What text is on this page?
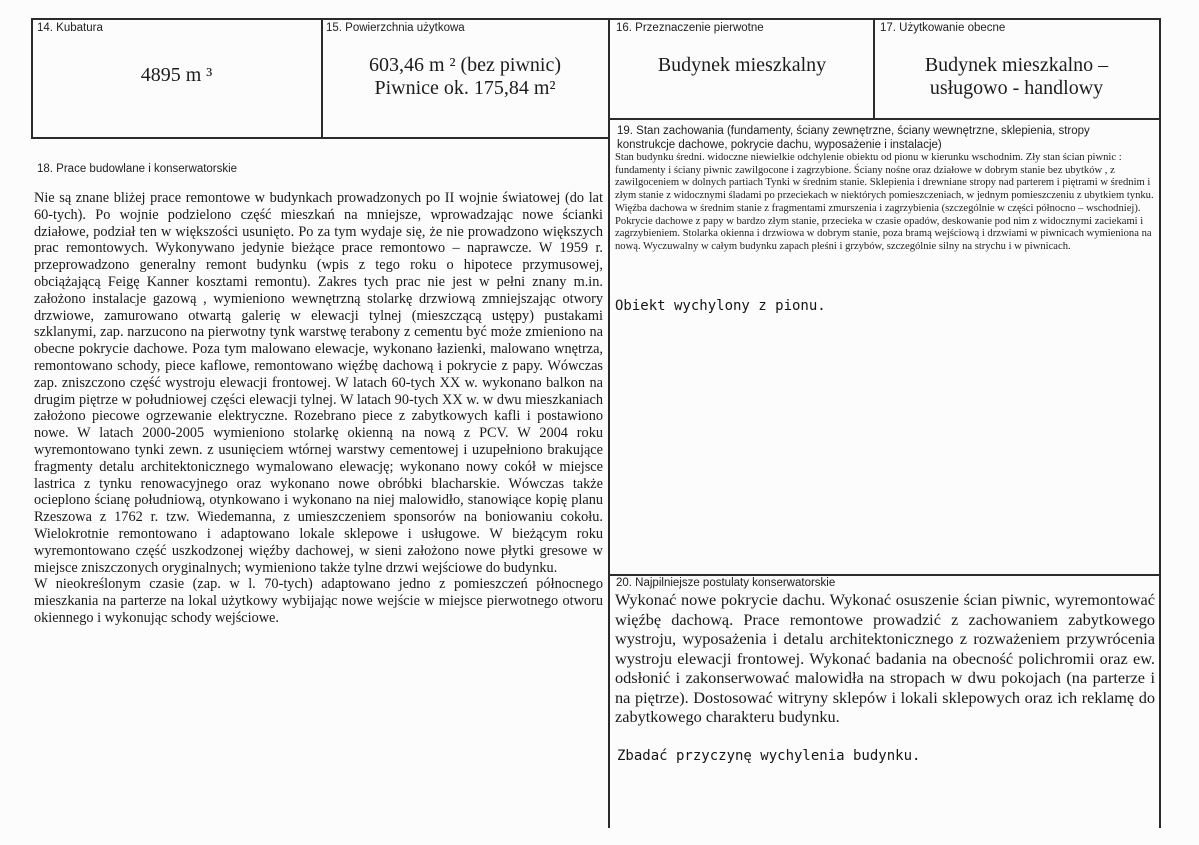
14. Kubatura
4895 m ³
15. Powierzchnia użytkowa
603,46 m ² (bez piwnic)
Piwnice ok. 175,84 m²
16. Przeznaczenie pierwotne
Budynek mieszkalny
17. Użytkowanie obecne
Budynek mieszkalno –
usługowo - handlowy
18. Prace budowlane i konserwatorskie

Nie są znane bliżej prace remontowe w budynkach prowadzonych po II wojnie światowej (do lat 60-tych). Po wojnie podzielono część mieszkań na mniejsze, wprowadzając nowe ścianki działowe, podział ten w większości usunięto. Po za tym wydaje się, że nie prowadzono większych prac remontowych. Wykonywano jedynie bieżące prace remontowo – naprawcze. W 1959 r. przeprowadzono generalny remont budynku (wpis z tego roku o hipotece przymusowej, obciążającą Feigę Kanner kosztami remontu). Zakres tych prac nie jest w pełni znany m.in. założono instalacje gazową , wymieniono wewnętrzną stolarkę drzwiową zmniejszając otwory drzwiowe, zamurowano otwartą galerię w elewacji tylnej (mieszczącą ustępy) pustakami szklanymi, zap. narzucono na pierwotny tynk warstwę terabony z cementu być może zmieniono na obecne pokrycie dachowe. Poza tym malowano elewacje, wykonano łazienki, malowano wnętrza, remontowano schody, piece kaflowe, remontowano więźbę dachową i pokrycie z papy. Wówczas zap. zniszczono część wystroju elewacji frontowej. W latach 60-tych XX w. wykonano balkon na drugim piętrze w południowej części elewacji tylnej. W latach 90-tych XX w. w dwu mieszkaniach założono piecowe ogrzewanie elektryczne. Rozebrano piece z zabytkowych kafli i postawiono nowe. W latach 2000-2005 wymieniono stolarkę okienną na nową z PCV. W 2004 roku wyremontowano tynki zewn. z usunięciem wtórnej warstwy cementowej i uzupełniono brakujące fragmenty detalu architektonicznego wymalowano elewację; wykonano nowy cokół w miejsce lastrica z tynku renowacyjnego oraz wykonano nowe obróbki blacharskie. Wówczas także ocieplono ścianę południową, otynkowano i wykonano na niej malowidło, stanowiące kopię planu Rzeszowa z 1762 r. tzw. Wiedemanna, z umieszczeniem sponsorów na boniowaniu cokołu. Wielokrotnie remontowano i adaptowano lokale sklepowe i usługowe. W bieżącym roku wyremontowano część uszkodzonej więźby dachowej, w sieni założono nowe płytki gresowe w miejsce zniszczonych oryginalnych; wymieniono także tylne drzwi wejściowe do budynku.

W nieokreślonym czasie (zap. w l. 70-tych) adaptowano jedno z pomieszczeń północnego mieszkania na parterze na lokal użytkowy wybijając nowe wejście w miejsce pierwotnego otworu okiennego i wykonując schody wejściowe.

19. Stan zachowania (fundamenty, ściany zewnętrzne, ściany wewnętrzne, sklepienia, stropy konstrukcje dachowe, pokrycie dachu, wyposażenie i instalacje)
Stan budynku średni. widoczne niewielkie odchylenie obiektu od pionu w kierunku wschodnim. Zły stan ścian piwnic : fundamenty i ściany piwnic zawilgocone i zagrzybione. Ściany nośne oraz działowe w dobrym stanie bez ubytków , z zawilgoceniem w dolnych partiach Tynki w średnim stanie. Sklepienia i drewniane stropy nad parterem i piętrami w średnim i złym stanie z widocznymi śladami po przeciekach w niektórych pomieszczeniach, w jednym pomieszczeniu z ubytkiem tynku. Więźba dachowa w średnim stanie z fragmentami zmurszenia i zagrzybienia (szczególnie w części północno – wschodniej). Pokrycie dachowe z papy w bardzo złym stanie, przecieka w czasie opadów, deskowanie pod nim z widocznymi zaciekami i zagrzybieniem. Stolarka okienna i drzwiowa w dobrym stanie, poza bramą wejściową i drzwiami w piwnicach wymieniona na nową. Wyczuwalny w całym budynku zapach pleśni i grzybów, szczególnie silny na strychu i w piwnicach.
Obiekt wychylony z pionu.
20. Najpilniejsze postulaty konserwatorskie
Wykonać nowe pokrycie dachu. Wykonać osuszenie ścian piwnic, wyremontować więźbę dachową. Prace remontowe prowadzić z zachowaniem zabytkowego wystroju, wyposażenia i detalu architektonicznego z rozważeniem przywrócenia wystroju elewacji frontowej. Wykonać badania na obecność polichromii oraz ew. odsłonić i zakonserwować malowidła na stropach w dwu pokojach (na parterze i na piętrze). Dostosować witryny sklepów i lokali sklepowych oraz ich reklamę do zabytkowego charakteru budynku.
Zbadać przyczynę wychylenia budynku.
